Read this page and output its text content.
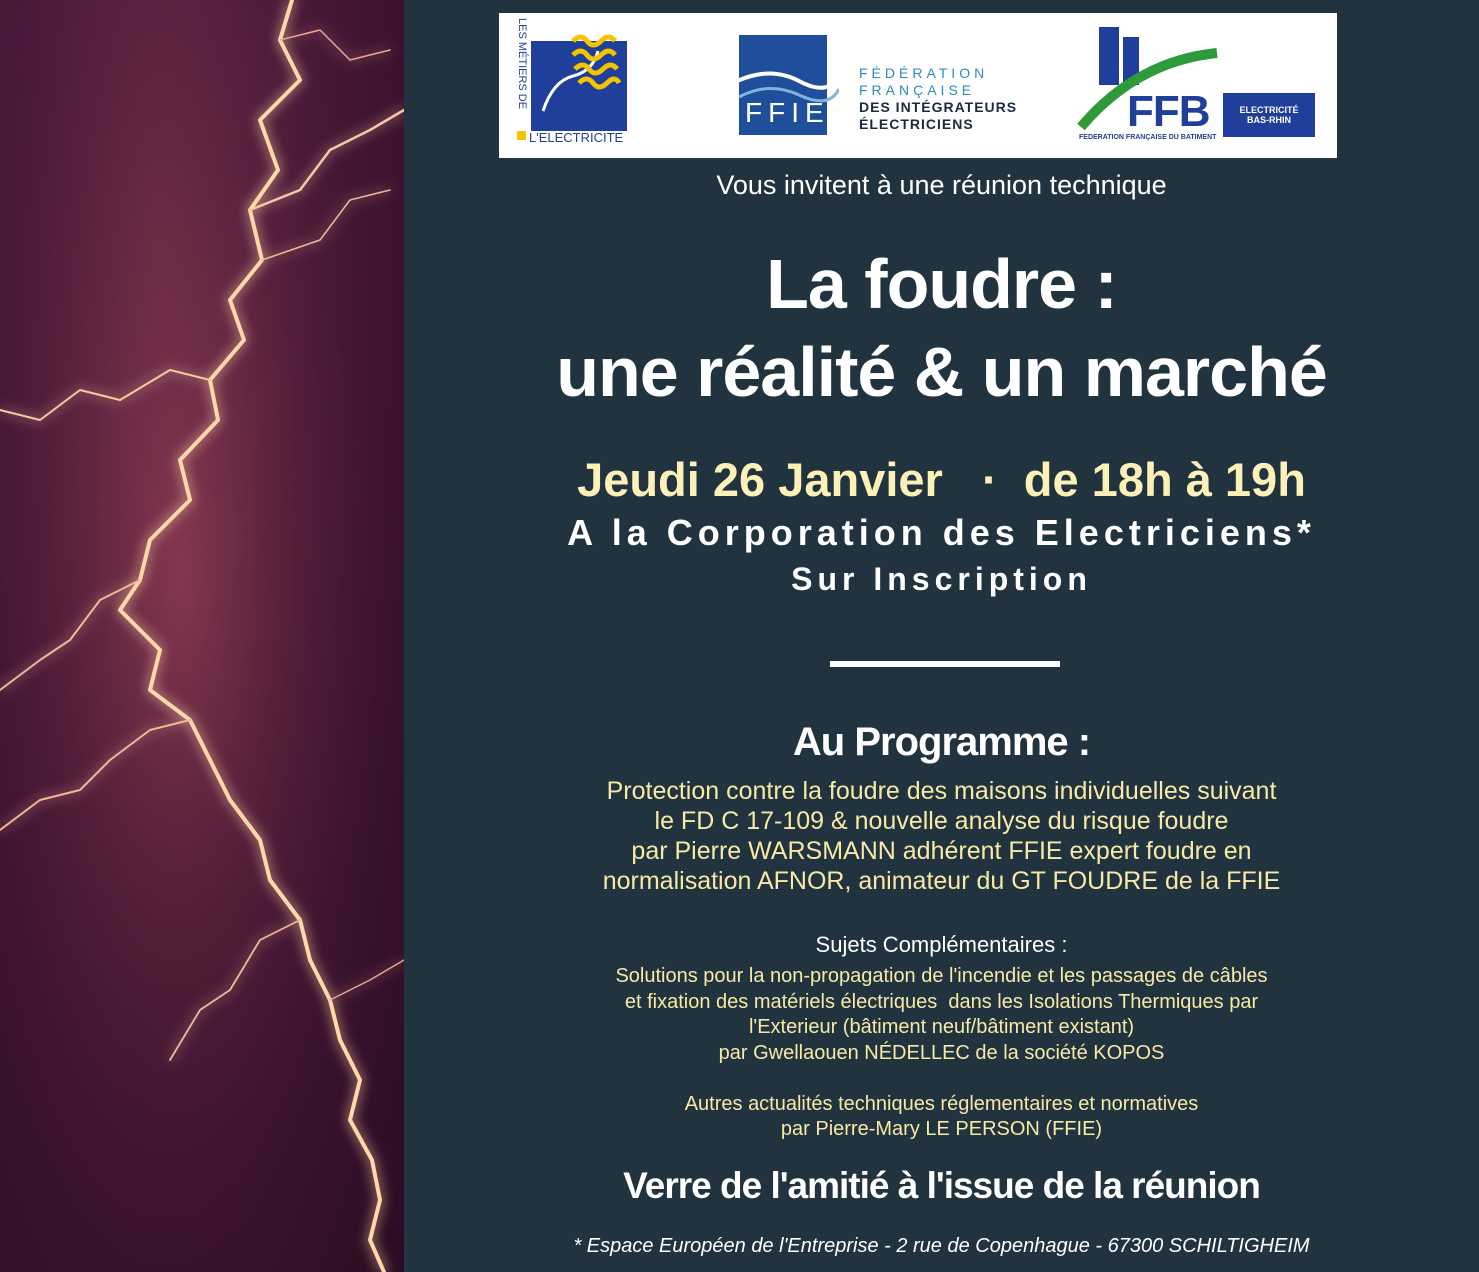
LES MÉTIERS DE
L'ELECTRICITE
FFIE
FÉDÉRATION
FRANÇAISE
DES INTÉGRATEURS
ÉLECTRICIENS	FFB
FEDERATION FRANÇAISE DU BATIMENT
ELECTRICITÉ
BAS-RHIN
Vous invitent à une réunion technique
La foudre :
une réalité & un marché
Jeudi 26 Janvier   ·  de 18h à 19h
A la Corporation des Electriciens*
Sur Inscription
Au Programme :
Protection contre la foudre des maisons individuelles suivant
le FD C 17-109 & nouvelle analyse du risque foudre
par Pierre WARSMANN adhérent FFIE expert foudre en
normalisation AFNOR, animateur du GT FOUDRE de la FFIE
Sujets Complémentaires :
Solutions pour la non-propagation de l'incendie et les passages de câbles
et fixation des matériels électriques  dans les Isolations Thermiques par
l'Exterieur (bâtiment neuf/bâtiment existant)
par Gwellaouen NÉDELLEC de la société KOPOS
Autres actualités techniques réglementaires et normatives
par Pierre-Mary LE PERSON (FFIE)
Verre de l'amitié à l'issue de la réunion
* Espace Européen de l'Entreprise - 2 rue de Copenhague - 67300 SCHILTIGHEIM
